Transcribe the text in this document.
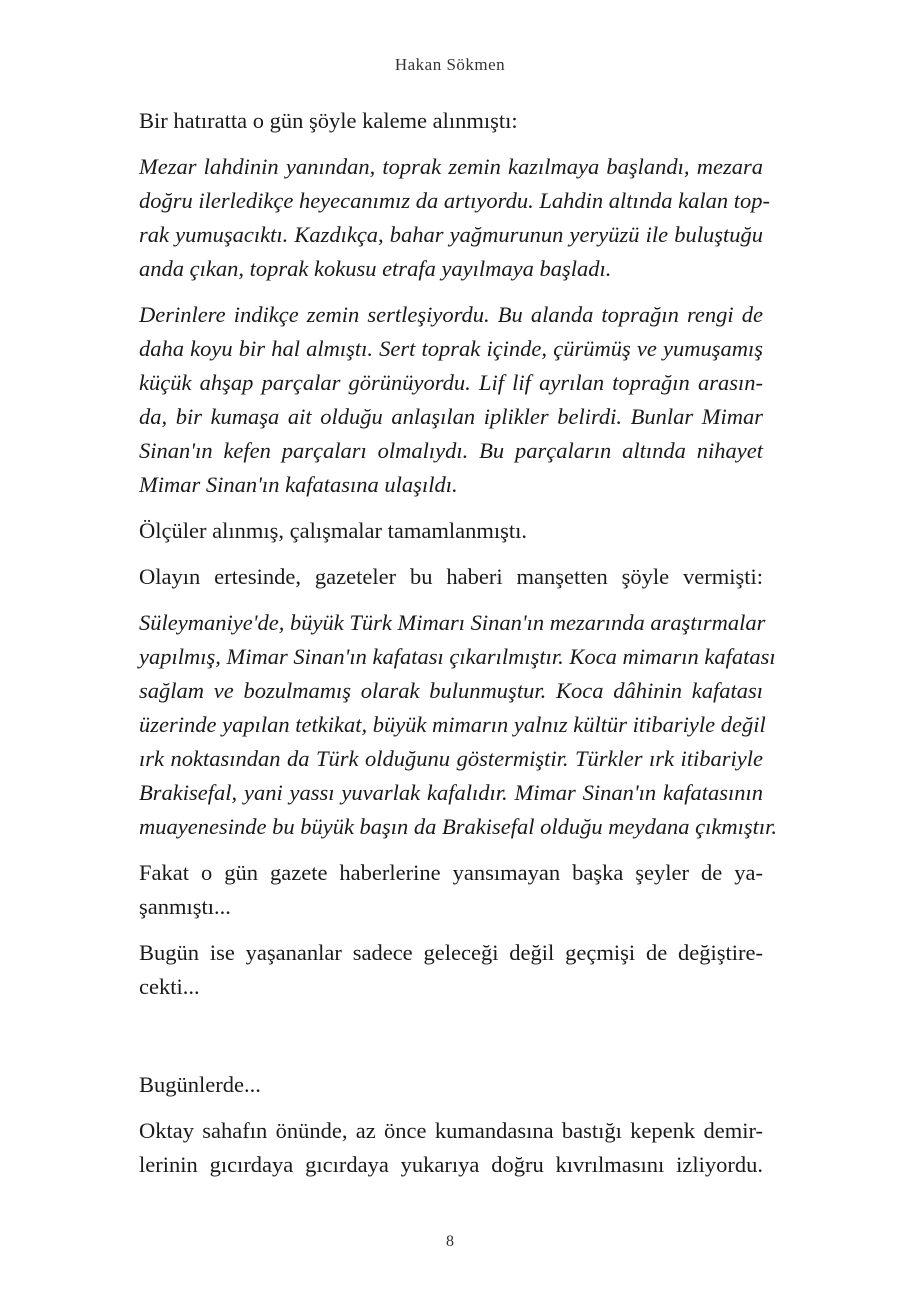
Hakan Sökmen
Bir hatıratta o gün şöyle kaleme alınmıştı:
Mezar lahdinin yanından, toprak zemin kazılmaya başlandı, mezara
doğru ilerledikçe heyecanımız da artıyordu. Lahdin altında kalan top-
rak yumuşacıktı. Kazdıkça, bahar yağmurunun yeryüzü ile buluştuğu
anda çıkan, toprak kokusu etrafa yayılmaya başladı.
Derinlere indikçe zemin sertleşiyordu. Bu alanda toprağın rengi de
daha koyu bir hal almıştı. Sert toprak içinde, çürümüş ve yumuşamış
küçük ahşap parçalar görünüyordu. Lif lif ayrılan toprağın arasın-
da, bir kumaşa ait olduğu anlaşılan iplikler belirdi. Bunlar Mimar
Sinan'ın kefen parçaları olmalıydı. Bu parçaların altında nihayet
Mimar Sinan'ın kafatasına ulaşıldı.
Ölçüler alınmış, çalışmalar tamamlanmıştı.
Olayın ertesinde, gazeteler bu haberi manşetten şöyle vermişti:
Süleymaniye'de, büyük Türk Mimarı Sinan'ın mezarında araştırmalar
yapılmış, Mimar Sinan'ın kafatası çıkarılmıştır. Koca mimarın kafatası
sağlam ve bozulmamış olarak bulunmuştur. Koca dâhinin kafatası
üzerinde yapılan tetkikat, büyük mimarın yalnız kültür itibariyle değil
ırk noktasından da Türk olduğunu göstermiştir. Türkler ırk itibariyle
Brakisefal, yani yassı yuvarlak kafalıdır. Mimar Sinan'ın kafatasının
muayenesinde bu büyük başın da Brakisefal olduğu meydana çıkmıştır.
Fakat o gün gazete haberlerine yansımayan başka şeyler de ya-
şanmıştı...
Bugün ise yaşananlar sadece geleceği değil geçmişi de değiştire-
cekti...
Bugünlerde...
Oktay sahafın önünde, az önce kumandasına bastığı kepenk demir-
lerinin gıcırdaya gıcırdaya yukarıya doğru kıvrılmasını izliyordu.
8
